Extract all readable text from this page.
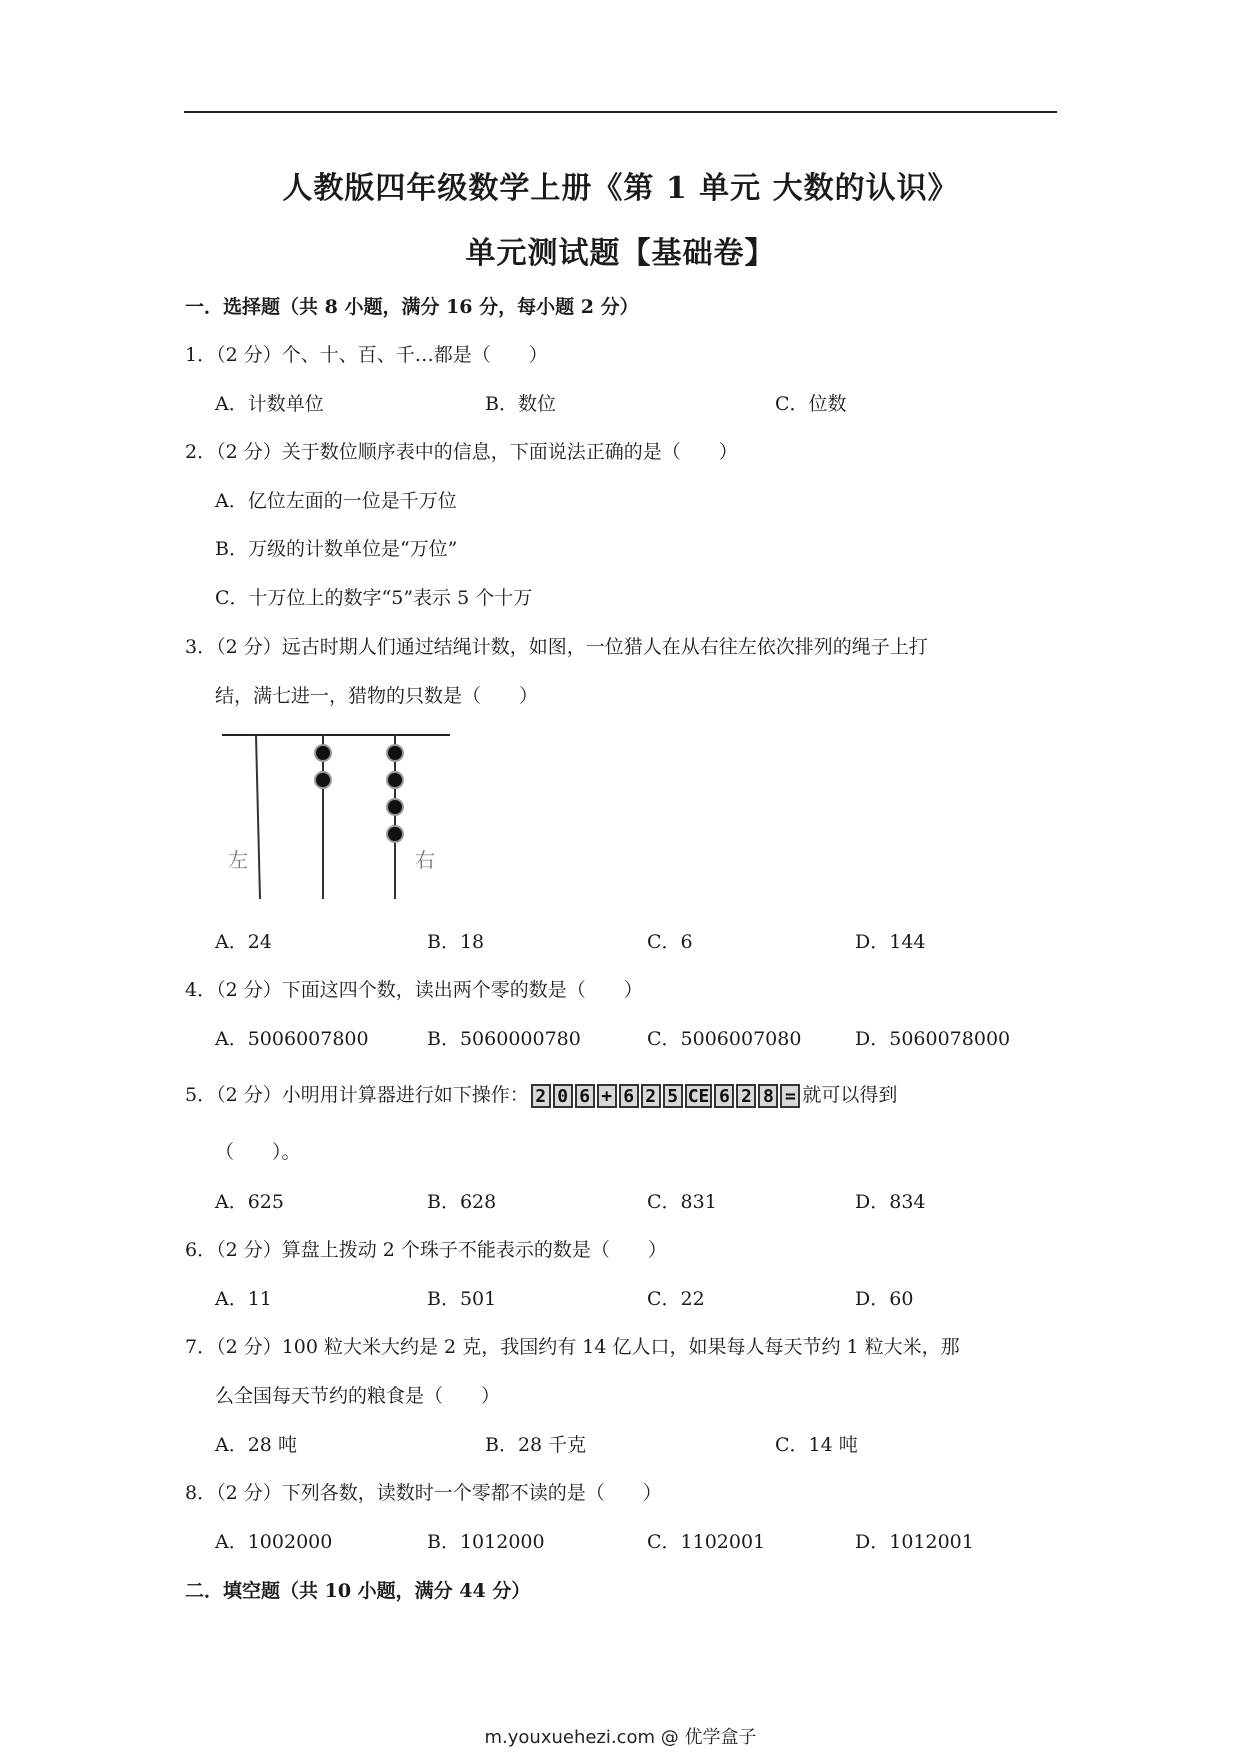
人教版四年级数学上册《第 1 单元 大数的认识》
单元测试题【基础卷】
一．选择题（共 8 小题，满分 16 分，每小题 2 分）
1．（2 分）个、十、百、千…都是（　　）
A．计数单位	B．数位	C．位数
2．（2 分）关于数位顺序表中的信息，下面说法正确的是（　　）
A．亿位左面的一位是千万位
B．万级的计数单位是“万位”
C．十万位上的数字“5”表示 5 个十万
3．（2 分）远古时期人们通过结绳计数，如图，一位猎人在从右往左依次排列的绳子上打
结，满七进一，猎物的只数是（　　）
左	右
A．24	B．18	C．6	D．144
4．（2 分）下面这四个数，读出两个零的数是（　　）
A．5006007800	B．5060000780	C．5006007080	D．5060078000
5．（2 分）小明用计算器进行如下操作： 2 0 6 + 6 2 5 CE 6 2 8 = 就可以得到
（　　）。
A．625	B．628	C．831	D．834
6．（2 分）算盘上拨动 2 个珠子不能表示的数是（　　）
A．11	B．501	C．22	D．60
7．（2 分）100 粒大米大约是 2 克，我国约有 14 亿人口，如果每人每天节约 1 粒大米，那
么全国每天节约的粮食是（　　）
A．28 吨	B．28 千克	C．14 吨
8．（2 分）下列各数，读数时一个零都不读的是（　　）
A．1002000	B．1012000	C．1102001	D．1012001
二．填空题（共 10 小题，满分 44 分）
m.youxuehezi.com @ 优学盒子
